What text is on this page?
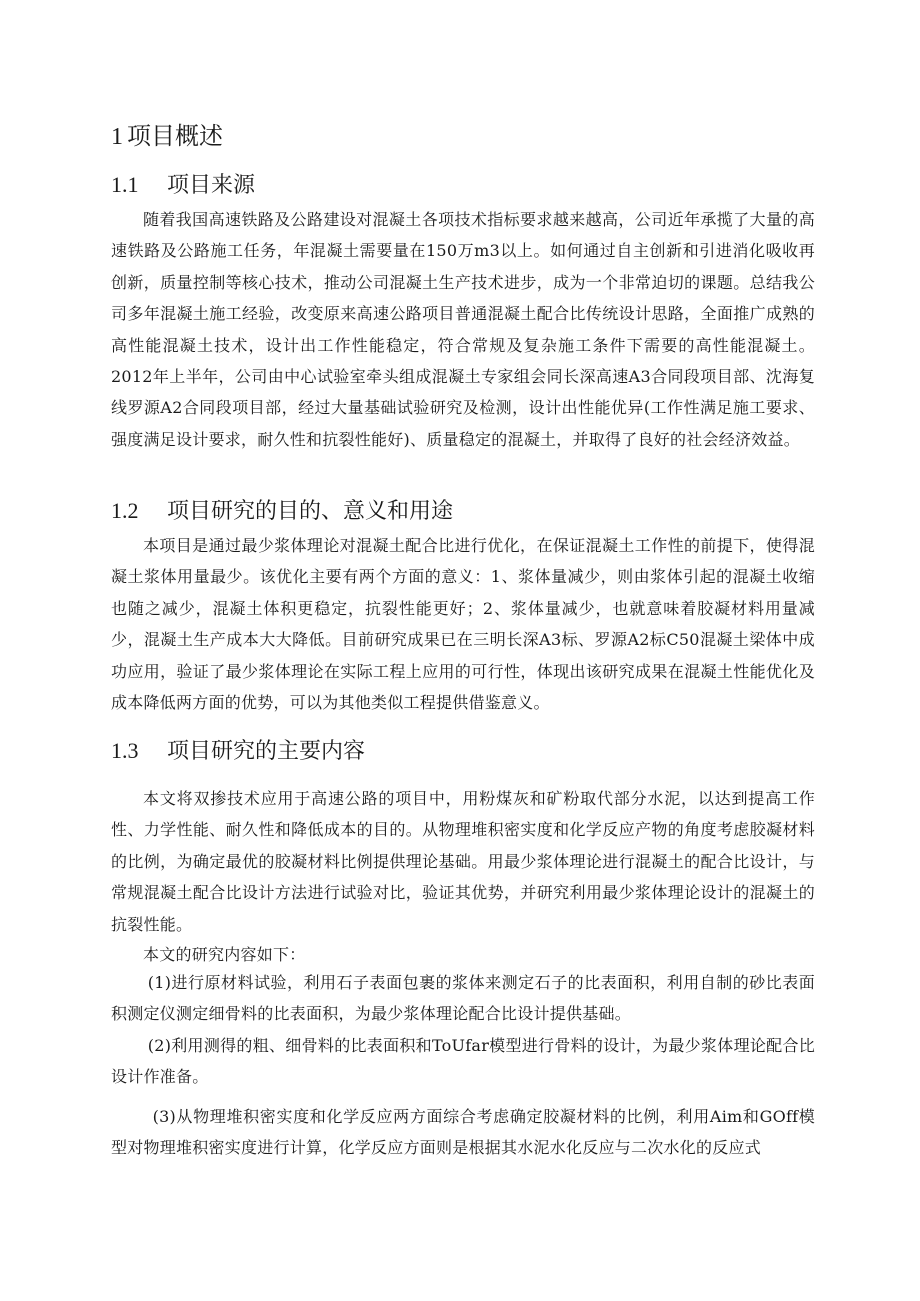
1 项目概述
1.1 项目来源

随着我国高速铁路及公路建设对混凝土各项技术指标要求越来越高，公司近年承揽了大量的高速铁路及公路施工任务，年混凝土需要量在150万m3以上。如何通过自主创新和引进消化吸收再创新，质量控制等核心技术，推动公司混凝土生产技术进步，成为一个非常迫切的课题。总结我公司多年混凝土施工经验，改变原来高速公路项目普通混凝土配合比传统设计思路，全面推广成熟的高性能混凝土技术，设计出工作性能稳定，符合常规及复杂施工条件下需要的高性能混凝土。2012年上半年，公司由中心试验室牵头组成混凝土专家组会同长深高速A3合同段项目部、沈海复线罗源A2合同段项目部，经过大量基础试验研究及检测，设计出性能优异(工作性满足施工要求、强度满足设计要求，耐久性和抗裂性能好)、质量稳定的混凝土，并取得了良好的社会经济效益。

1.2 项目研究的目的、意义和用途

本项目是通过最少浆体理论对混凝土配合比进行优化，在保证混凝土工作性的前提下，使得混凝土浆体用量最少。该优化主要有两个方面的意义：1、浆体量减少，则由浆体引起的混凝土收缩也随之减少，混凝土体积更稳定，抗裂性能更好；2、浆体量减少，也就意味着胶凝材料用量减少，混凝土生产成本大大降低。目前研究成果已在三明长深A3标、罗源A2标C50混凝土梁体中成功应用，验证了最少浆体理论在实际工程上应用的可行性，体现出该研究成果在混凝土性能优化及成本降低两方面的优势，可以为其他类似工程提供借鉴意义。

1.3 项目研究的主要内容

本文将双掺技术应用于高速公路的项目中，用粉煤灰和矿粉取代部分水泥，以达到提高工作性、力学性能、耐久性和降低成本的目的。从物理堆积密实度和化学反应产物的角度考虑胶凝材料的比例，为确定最优的胶凝材料比例提供理论基础。用最少浆体理论进行混凝土的配合比设计，与常规混凝土配合比设计方法进行试验对比，验证其优势，并研究利用最少浆体理论设计的混凝土的抗裂性能。

本文的研究内容如下：

(1)进行原材料试验，利用石子表面包裹的浆体来测定石子的比表面积，利用自制的砂比表面积测定仪测定细骨料的比表面积，为最少浆体理论配合比设计提供基础。

(2)利用测得的粗、细骨料的比表面积和ToUfar模型进行骨料的设计，为最少浆体理论配合比设计作准备。

(3)从物理堆积密实度和化学反应两方面综合考虑确定胶凝材料的比例，利用Aim和GOff模型对物理堆积密实度进行计算，化学反应方面则是根据其水泥水化反应与二次水化的反应式
